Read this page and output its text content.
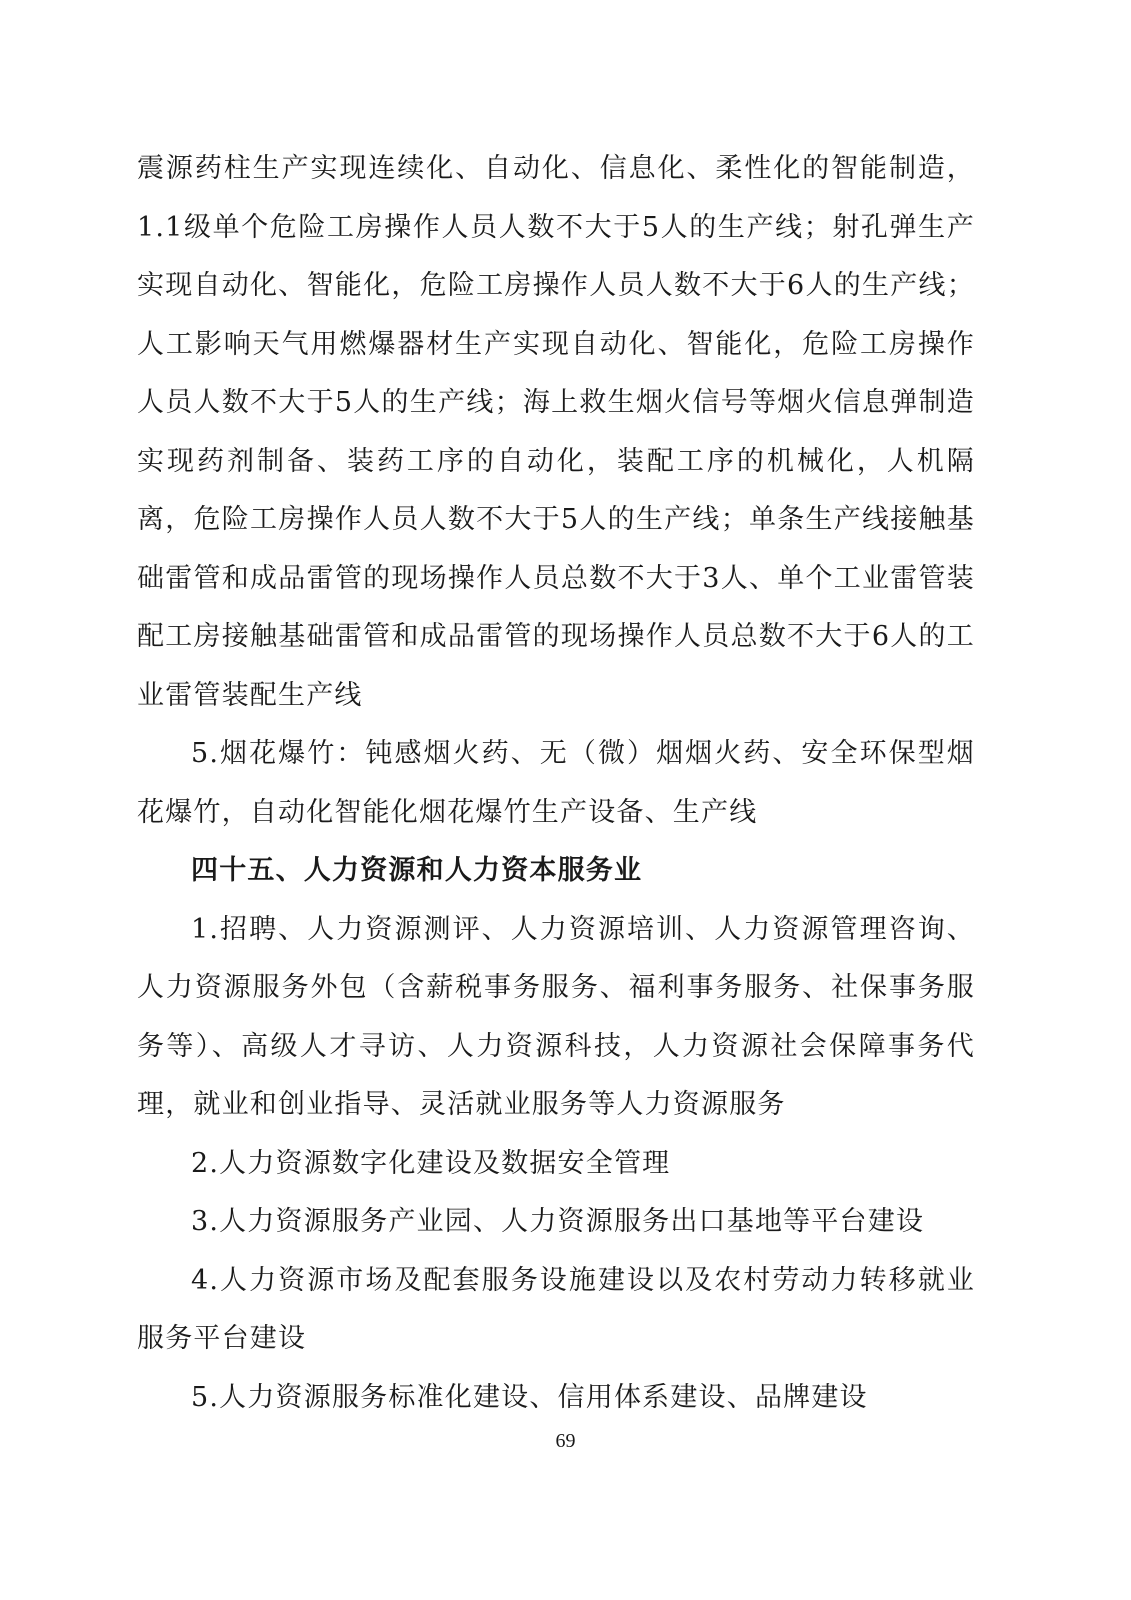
震源药柱生产实现连续化、自动化、信息化、柔性化的智能制造，1.1级单个危险工房操作人员人数不大于5人的生产线；射孔弹生产实现自动化、智能化，危险工房操作人员人数不大于6人的生产线；人工影响天气用燃爆器材生产实现自动化、智能化，危险工房操作人员人数不大于5人的生产线；海上救生烟火信号等烟火信息弹制造实现药剂制备、装药工序的自动化，装配工序的机械化，人机隔离，危险工房操作人员人数不大于5人的生产线；单条生产线接触基础雷管和成品雷管的现场操作人员总数不大于3人、单个工业雷管装配工房接触基础雷管和成品雷管的现场操作人员总数不大于6人的工业雷管装配生产线

5.烟花爆竹：钝感烟火药、无（微）烟烟火药、安全环保型烟花爆竹，自动化智能化烟花爆竹生产设备、生产线

四十五、人力资源和人力资本服务业

1.招聘、人力资源测评、人力资源培训、人力资源管理咨询、人力资源服务外包（含薪税事务服务、福利事务服务、社保事务服务等）、高级人才寻访、人力资源科技，人力资源社会保障事务代理，就业和创业指导、灵活就业服务等人力资源服务

2.人力资源数字化建设及数据安全管理

3.人力资源服务产业园、人力资源服务出口基地等平台建设

4.人力资源市场及配套服务设施建设以及农村劳动力转移就业服务平台建设

5.人力资源服务标准化建设、信用体系建设、品牌建设

69
